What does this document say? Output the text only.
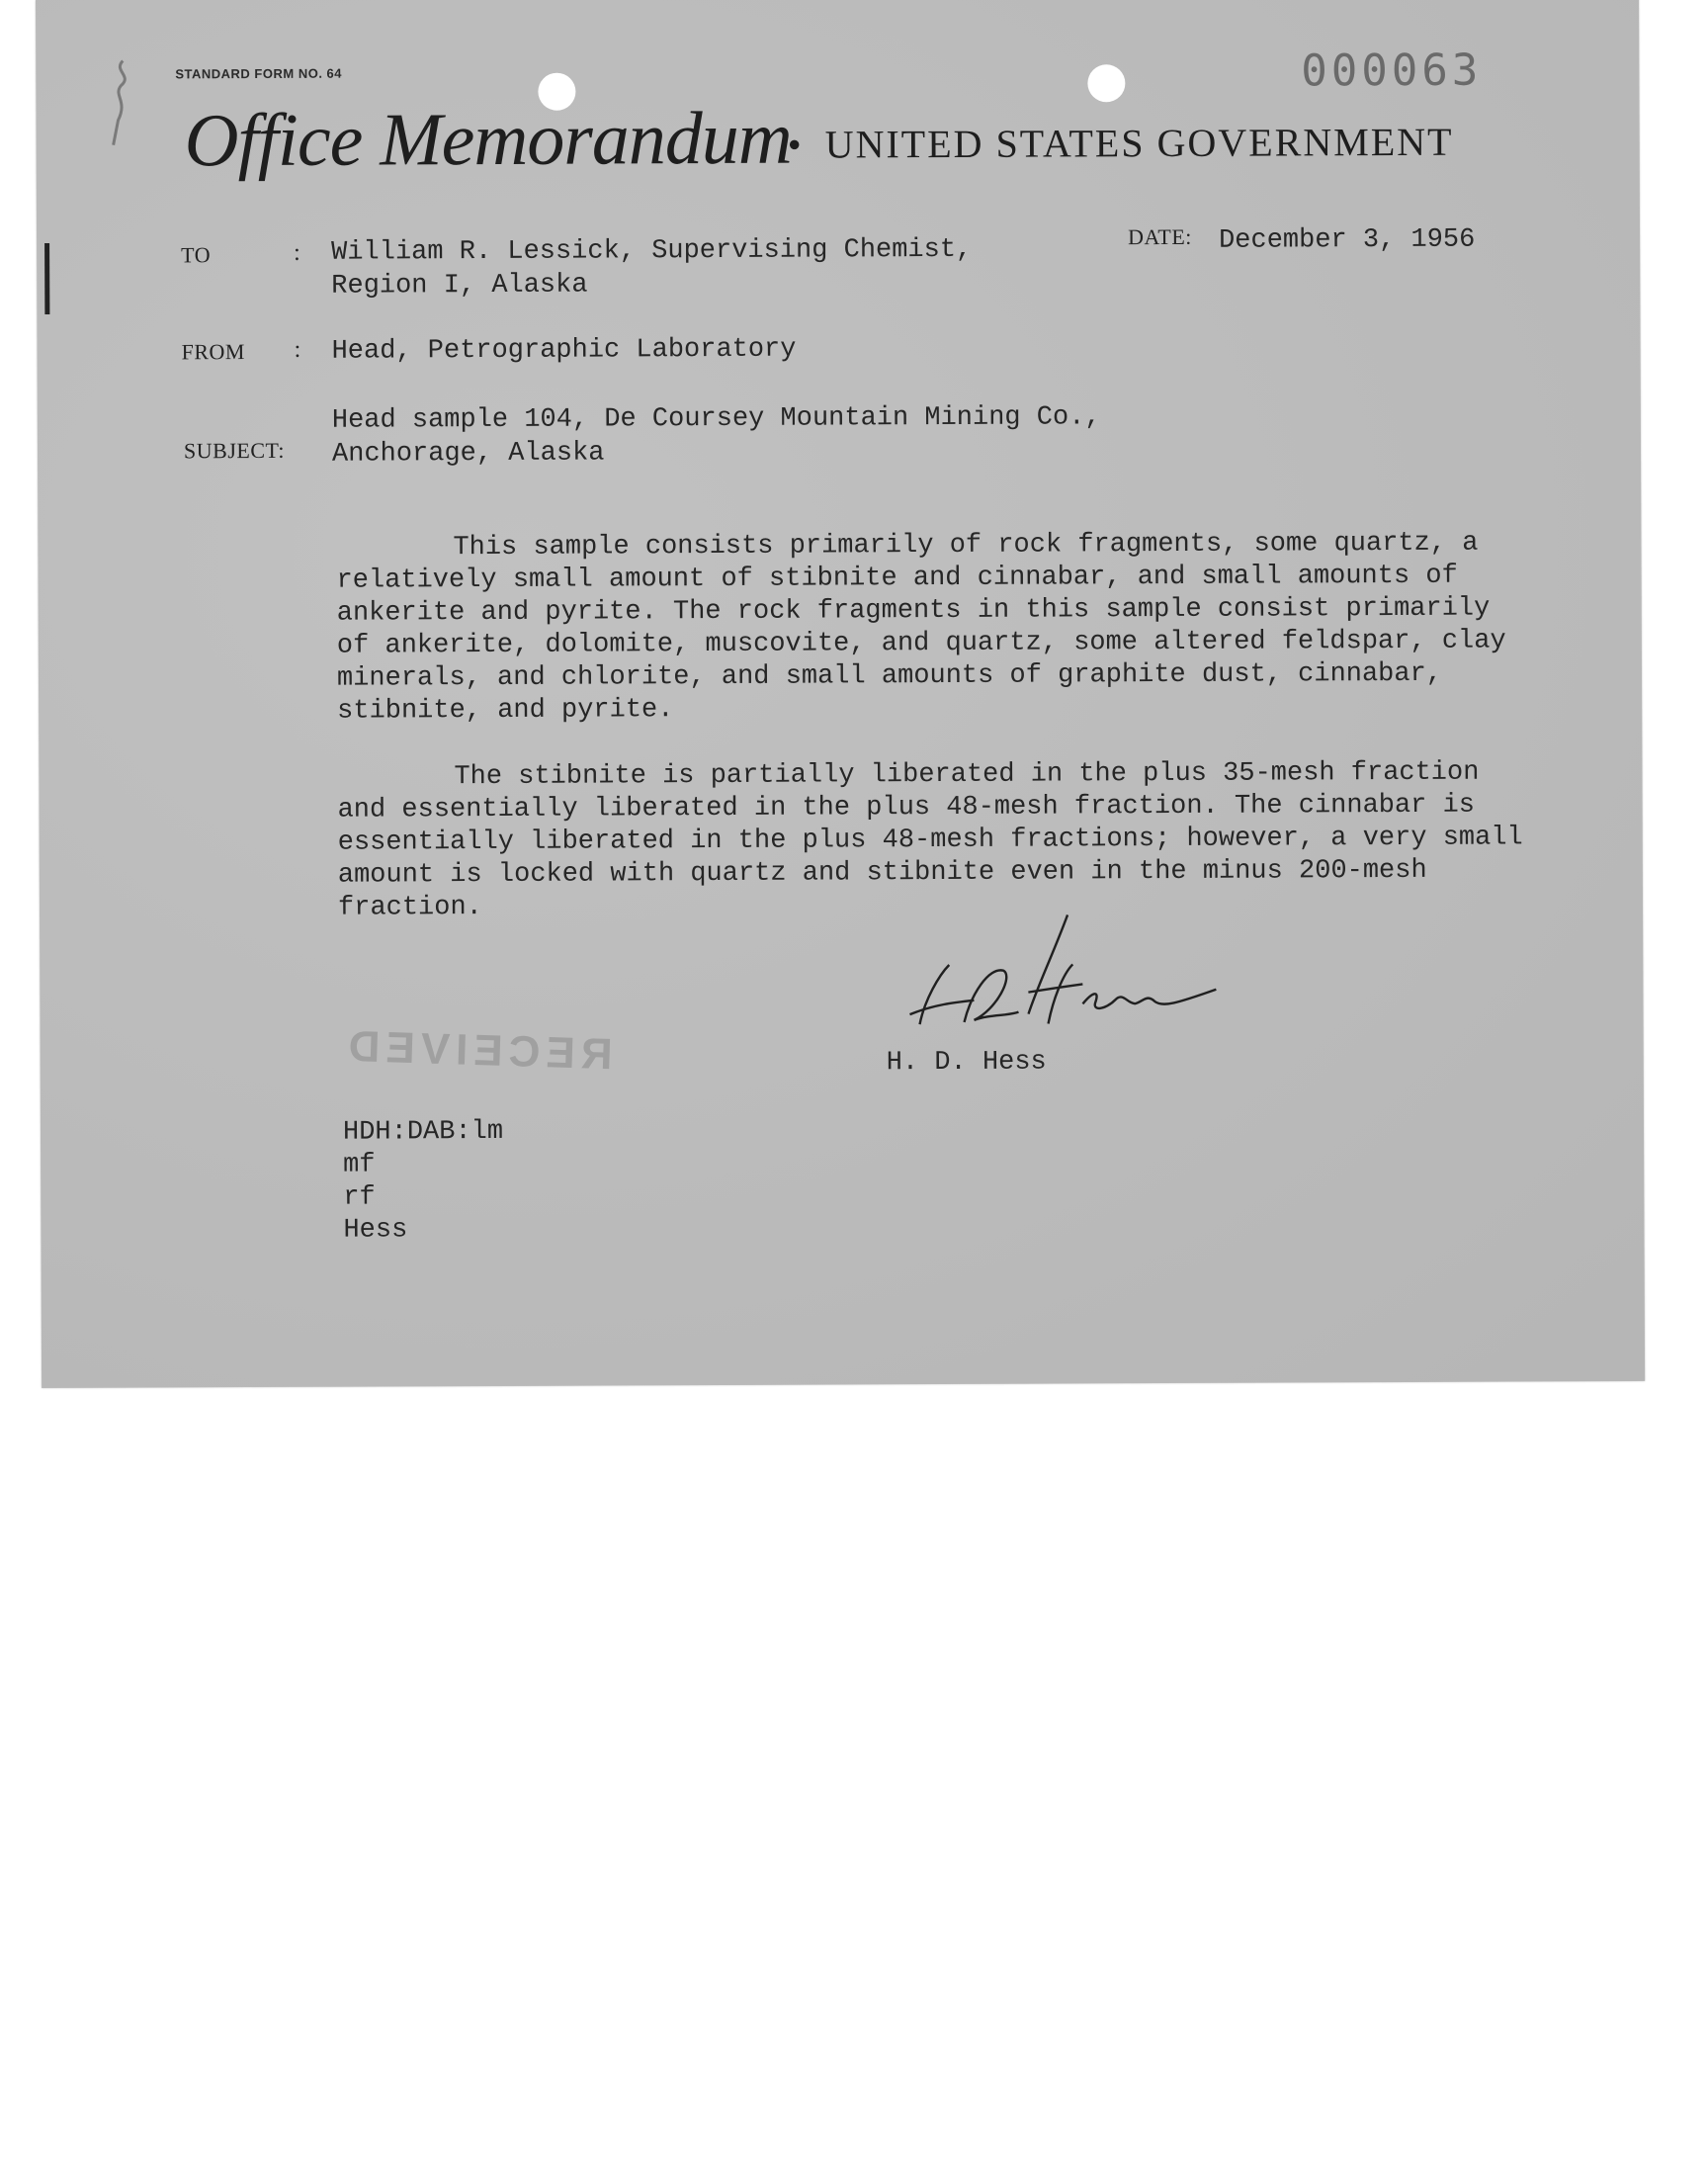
STANDARD FORM NO. 64	000063
Office Memorandum
• UNITED STATES GOVERNMENT
TO	: William R. Lessick, Supervising Chemist,
Region I, Alaska
DATE: December 3, 1956
FROM : Head, Petrographic Laboratory
Head sample 104, De Coursey Mountain Mining Co.,
SUBJECT: Anchorage, Alaska

This sample consists primarily of rock fragments, some quartz, a relatively small amount of stibnite and cinnabar, and small amounts of ankerite and pyrite. The rock fragments in this sample consist primarily of ankerite, dolomite, muscovite, and quartz, some altered feldspar, clay minerals, and chlorite, and small amounts of graphite dust, cinnabar, stibnite, and pyrite.

The stibnite is partially liberated in the plus 35-mesh fraction and essentially liberated in the plus 48-mesh fraction. The cinnabar is essentially liberated in the plus 48-mesh fractions; however, a very small amount is locked with quartz and stibnite even in the minus 200-mesh fraction.

H. D. Hess
RECEIVED
HDH:DAB:lm
mf
rf
Hess
